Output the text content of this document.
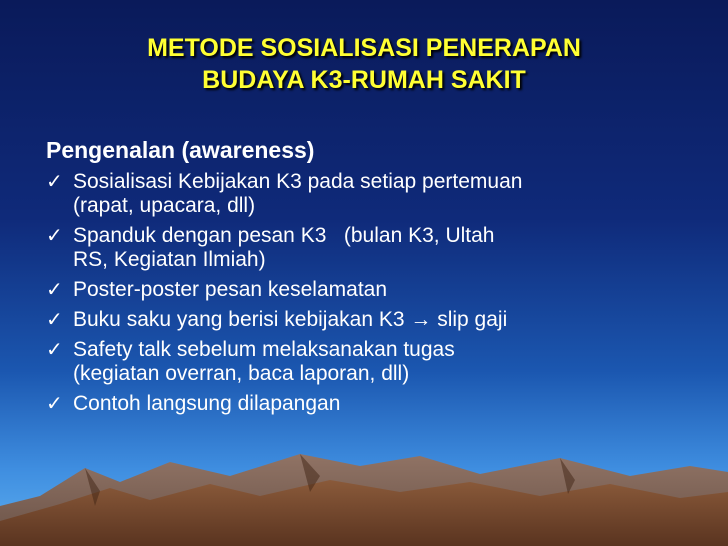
METODE SOSIALISASI PENERAPAN
BUDAYA K3-RUMAH SAKIT
Pengenalan (awareness)
✓ Sosialisasi Kebijakan K3 pada setiap pertemuan
(rapat, upacara, dll)
✓ Spanduk dengan pesan K3   (bulan K3, Ultah
RS, Kegiatan Ilmiah)
✓ Poster-poster pesan keselamatan
✓ Buku saku yang berisi kebijakan K3 → slip gaji
✓ Safety talk sebelum melaksanakan tugas
(kegiatan overran, baca laporan, dll)
✓ Contoh langsung dilapangan
